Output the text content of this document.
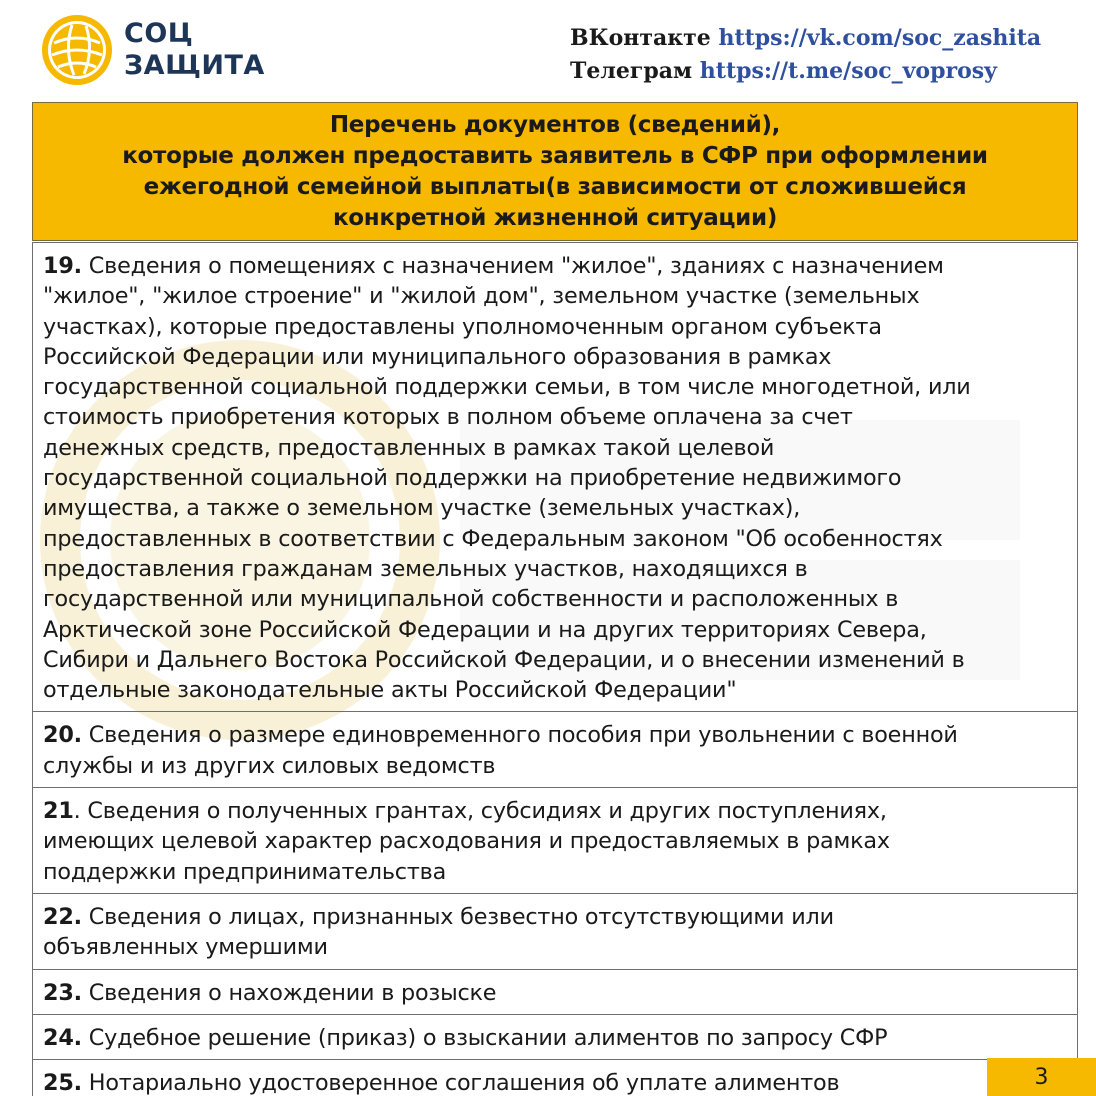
СОЦ
ЗАЩИТА
ВКонтакте https://vk.com/soc_zashita
Телеграм https://t.me/soc_voprosy
Перечень документов (сведений),
которые должен предоставить заявитель в СФР при оформлении
ежегодной семейной выплаты(в зависимости от сложившейся
конкретной жизненной ситуации)
19. Сведения о помещениях с назначением "жилое", зданиях с назначением
"жилое", "жилое строение" и "жилой дом", земельном участке (земельных
участках), которые предоставлены уполномоченным органом субъекта
Российской Федерации или муниципального образования в рамках
государственной социальной поддержки семьи, в том числе многодетной, или
стоимость приобретения которых в полном объеме оплачена за счет
денежных средств, предоставленных в рамках такой целевой
государственной социальной поддержки на приобретение недвижимого
имущества, а также о земельном участке (земельных участках),
предоставленных в соответствии с Федеральным законом "Об особенностях
предоставления гражданам земельных участков, находящихся в
государственной или муниципальной собственности и расположенных в
Арктической зоне Российской Федерации и на других территориях Севера,
Сибири и Дальнего Востока Российской Федерации, и о внесении изменений в
отдельные законодательные акты Российской Федерации"
20. Сведения о размере единовременного пособия при увольнении с военной
службы и из других силовых ведомств
21. Сведения о полученных грантах, субсидиях и других поступлениях,
имеющих целевой характер расходования и предоставляемых в рамках
поддержки предпринимательства
22. Сведения о лицах, признанных безвестно отсутствующими или
объявленных умершими
23. Сведения о нахождении в розыске
24. Судебное решение (приказ) о взыскании алиментов по запросу СФР
25. Нотариально удостоверенное соглашения об уплате алиментов	3
